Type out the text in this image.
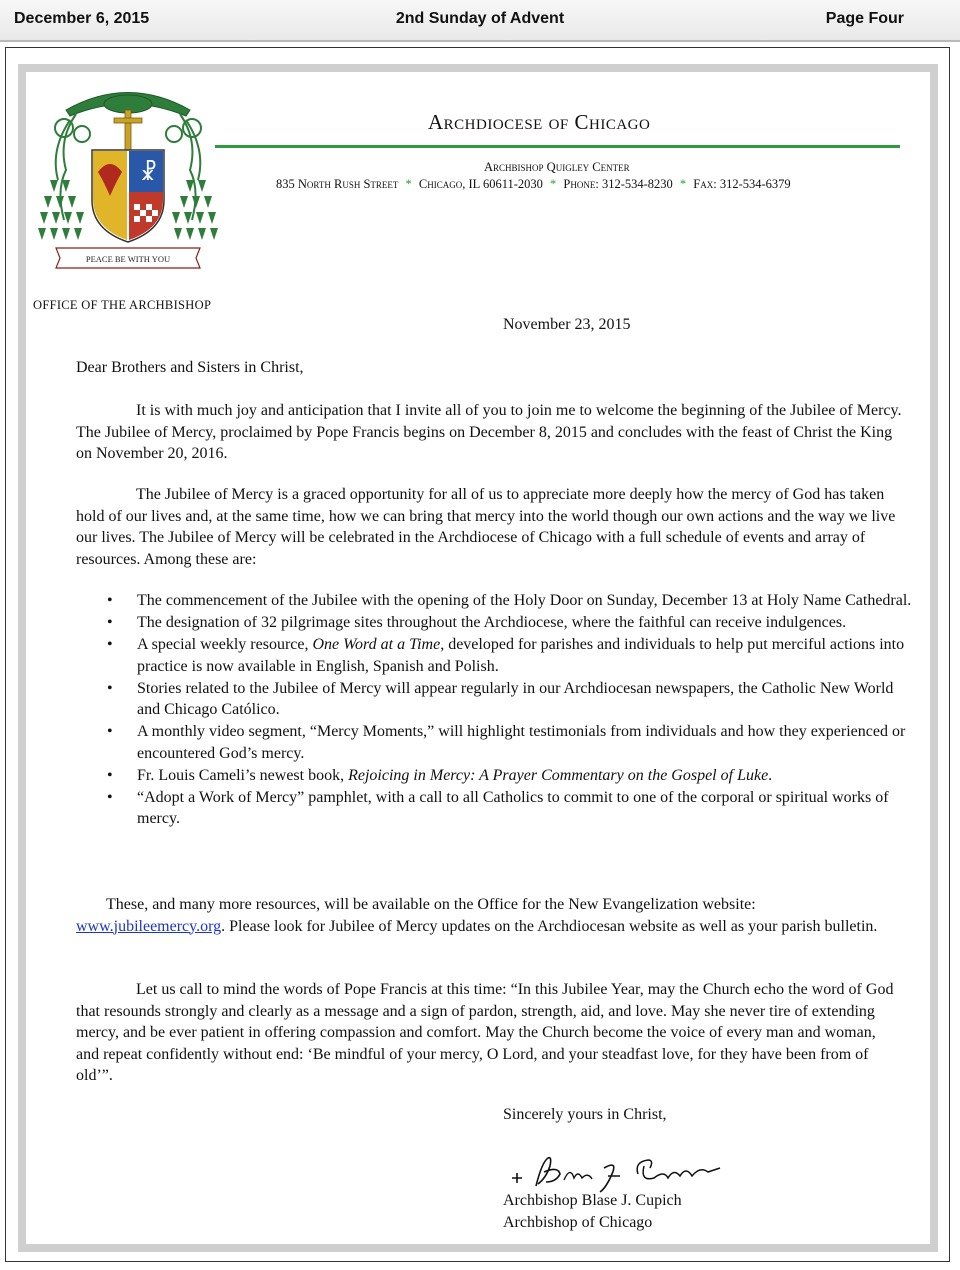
December 6, 2015	2nd Sunday of Advent	Page Four
☧
PEACE BE WITH YOU
OFFICE OF THE ARCHBISHOP
Archdiocese of Chicago
Archbishop Quigley Center
835 North Rush Street * Chicago, IL 60611-2030 * Phone: 312-534-8230 * Fax: 312-534-6379
November 23, 2015
Dear Brothers and Sisters in Christ,

It is with much joy and anticipation that I invite all of you to join me to welcome the beginning of the Jubilee of Mercy. The Jubilee of Mercy, proclaimed by Pope Francis begins on December 8, 2015 and concludes with the feast of Christ the King on November 20, 2016.

The Jubilee of Mercy is a graced opportunity for all of us to appreciate more deeply how the mercy of God has taken hold of our lives and, at the same time, how we can bring that mercy into the world though our own actions and the way we live our lives. The Jubilee of Mercy will be celebrated in the Archdiocese of Chicago with a full schedule of events and array of resources. Among these are:

• The commencement of the Jubilee with the opening of the Holy Door on Sunday, December 13 at Holy Name Cathedral.
• The designation of 32 pilgrimage sites throughout the Archdiocese, where the faithful can receive indulgences.
• A special weekly resource, One Word at a Time, developed for parishes and individuals to help put merciful actions into practice is now available in English, Spanish and Polish.
• Stories related to the Jubilee of Mercy will appear regularly in our Archdiocesan newspapers, the Catholic New World and Chicago Católico.
• A monthly video segment, “Mercy Moments,” will highlight testimonials from individuals and how they experienced or encountered God’s mercy.
• Fr. Louis Cameli’s newest book, Rejoicing in Mercy: A Prayer Commentary on the Gospel of Luke.
• “Adopt a Work of Mercy” pamphlet, with a call to all Catholics to commit to one of the corporal or spiritual works of mercy.

These, and many more resources, will be available on the Office for the New Evangelization website: www.jubileemercy.org. Please look for Jubilee of Mercy updates on the Archdiocesan website as well as your parish bulletin.

Let us call to mind the words of Pope Francis at this time: “In this Jubilee Year, may the Church echo the word of God that resounds strongly and clearly as a message and a sign of pardon, strength, aid, and love. May she never tire of extending mercy, and be ever patient in offering compassion and comfort. May the Church become the voice of every man and woman, and repeat confidently without end: ‘Be mindful of your mercy, O Lord, and your steadfast love, for they have been from of old’”.

Sincerely yours in Christ,
Archbishop Blase J. Cupich
Archbishop of Chicago
